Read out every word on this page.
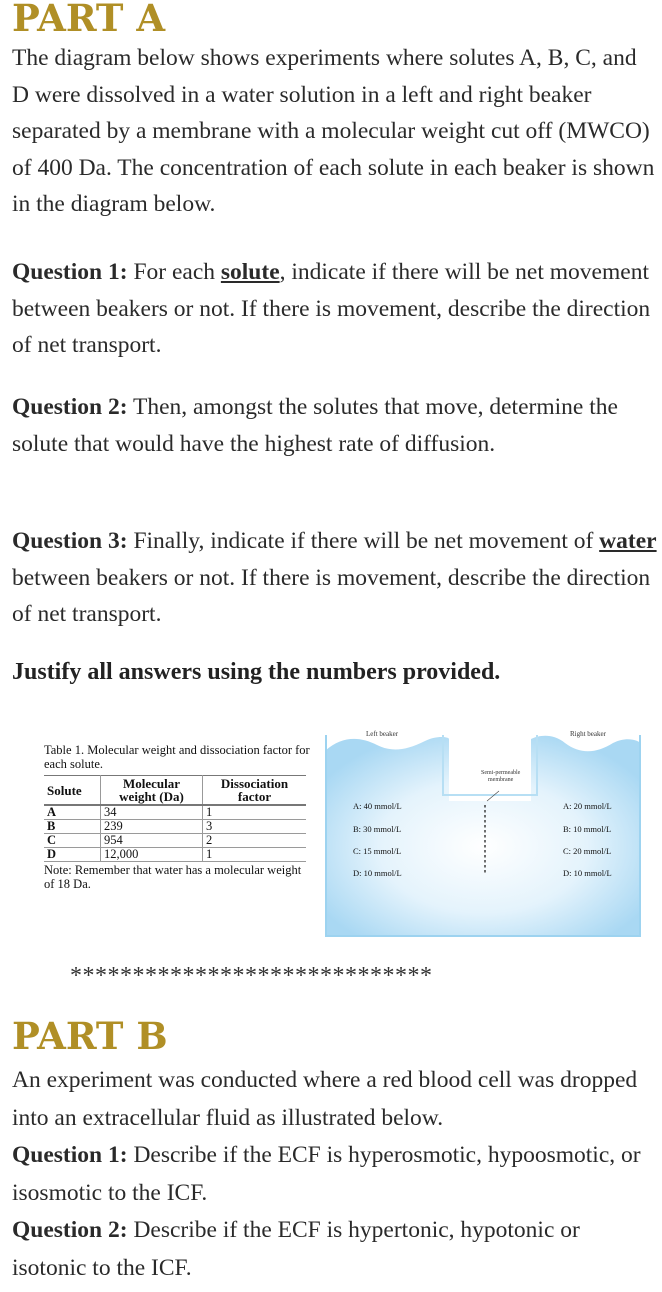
PART A

The diagram below shows experiments where solutes A, B, C, and D were dissolved in a water solution in a left and right beaker separated by a membrane with a molecular weight cut off (MWCO) of 400 Da. The concentration of each solute in each beaker is shown in the diagram below.

Question 1: For each solute, indicate if there will be net movement between beakers or not. If there is movement, describe the direction of net transport.

Question 2: Then, amongst the solutes that move, determine the solute that would have the highest rate of diffusion.

Question 3: Finally, indicate if there will be net movement of water between beakers or not. If there is movement, describe the direction of net transport.

Justify all answers using the numbers provided.

Table 1. Molecular weight and dissociation factor for each solute.

Solute	Molecular weight (Da)	Dissociation factor
A	34	1
B	239	3
C	954	2
D	12,000	1

Note: Remember that water has a molecular weight of 18 Da.

Left beaker	Right beaker
Semi-permeable
membrane
A: 40 mmol/L
B: 30 mmol/L
C: 15 mmol/L
D: 10 mmol/L
A: 20 mmol/L
B: 10 mmol/L
C: 20 mmol/L
D: 10 mmol/L

*****************************

PART B

An experiment was conducted where a red blood cell was dropped into an extracellular fluid as illustrated below.
Question 1: Describe if the ECF is hyperosmotic, hypoosmotic, or isosmotic to the ICF.
Question 2: Describe if the ECF is hypertonic, hypotonic or isotonic to the ICF.
